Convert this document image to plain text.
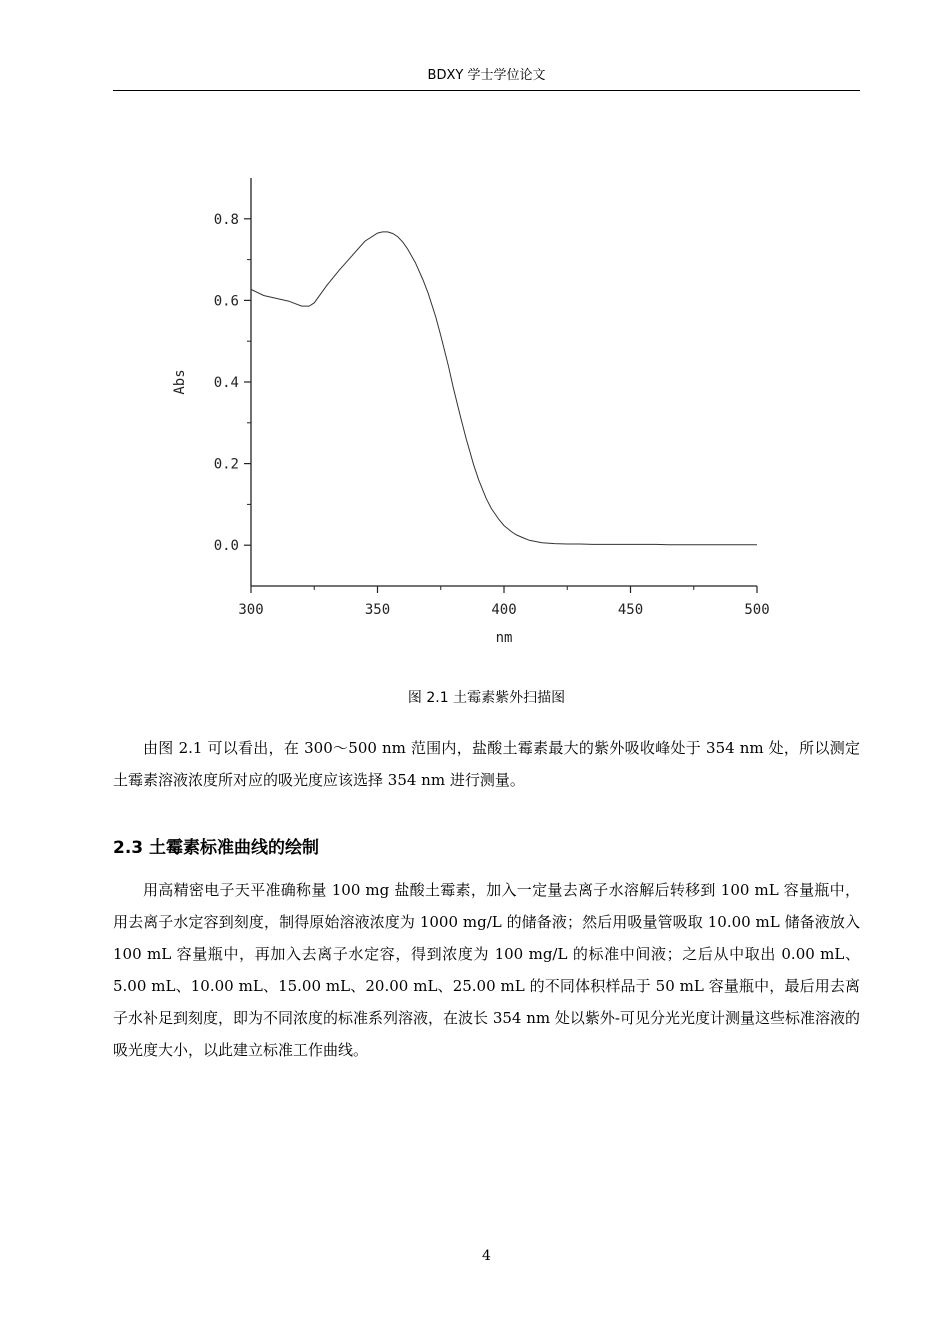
BDXY 学士学位论文
300	350	400	450	500
0.0
0.2
0.4
0.6
0.8
nm
Abs
图 2.1 土霉素紫外扫描图

由图 2.1 可以看出，在 300～500 nm 范围内，盐酸土霉素最大的紫外吸收峰处于 354 nm 处，所以测定土霉素溶液浓度所对应的吸光度应该选择 354 nm 进行测量。

2.3 土霉素标准曲线的绘制

用高精密电子天平准确称量 100 mg 盐酸土霉素，加入一定量去离子水溶解后转移到 100 mL 容量瓶中，用去离子水定容到刻度，制得原始溶液浓度为 1000 mg/L 的储备液；然后用吸量管吸取 10.00 mL 储备液放入 100 mL 容量瓶中，再加入去离子水定容，得到浓度为 100 mg/L 的标准中间液；之后从中取出 0.00 mL、5.00 mL、10.00 mL、15.00 mL、20.00 mL、25.00 mL 的不同体积样品于 50 mL 容量瓶中，最后用去离子水补足到刻度，即为不同浓度的标准系列溶液，在波长 354 nm 处以紫外-可见分光光度计测量这些标准溶液的吸光度大小，以此建立标准工作曲线。

4
